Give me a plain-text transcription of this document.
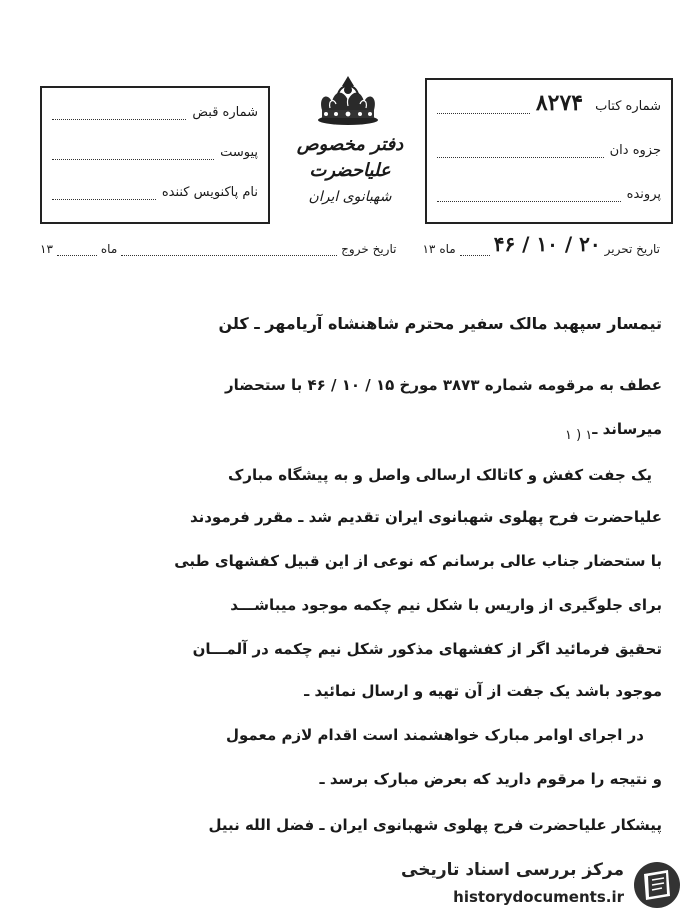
شماره قبض
پیوست
نام پاکنویس کننده
دفتر مخصوص علیاحضرت
شهبانوی ایران
شماره کتاب
۸۲۷۴
جزوه دان
پرونده
تاریخ تحریر
۲۰ / ۱۰ / ۴۶
ماه
۱۳
تاریخ خروج
ماه
۱۳
تیمسار سپهبد مالک سفیر محترم شاهنشاه آریامهر ـ کلن
عطف به مرقومه شماره ۳۸۷۳ مورخ ۱۵ / ۱۰ / ۴۶ با ستحضار
میرساند ـ
یک جفت کفش و کاتالک ارسالی واصل و به پیشگاه مبارک
علیاحضرت فرح پهلوی شهبانوی ایران تقدیم شد ـ مقرر فرمودند
با ستحضار جناب عالی برسانم که نوعی از این قبیل کفشهای طبی
برای جلوگیری از واریس با شکل نیم چکمه موجود میباشـــد
تحقیق فرمائید اگر از کفشهای مذکور شکل نیم چکمه در آلمـــان
موجود باشد یک جفت از آن تهیه و ارسال نمائید ـ
در اجرای اوامر مبارک خواهشمند است اقدام لازم معمول
و نتیجه را مرقوم دارید که بعرض مبارک برسد ـ
پیشکار علیاحضرت فرح پهلوی شهبانوی ایران ـ فضل الله نبیل
۱ ) ۱
مرکز بررسی اسناد تاریخی
historydocuments.ir
